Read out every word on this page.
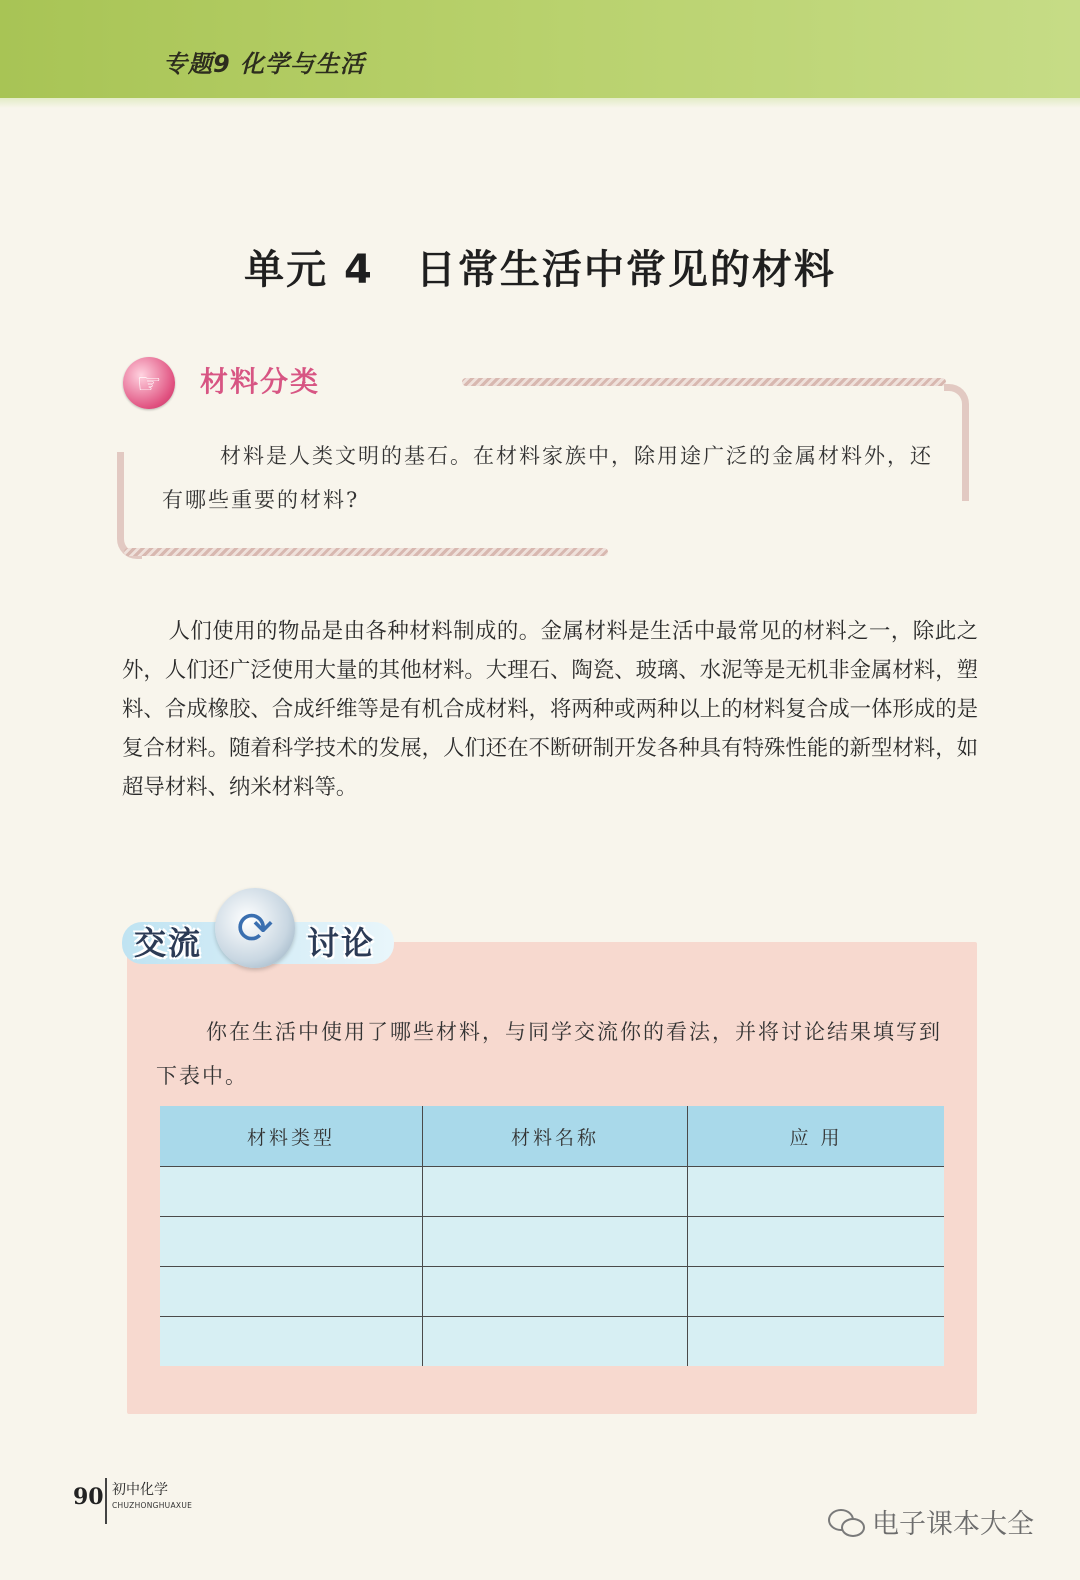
专题9 化学与生活
单元 4　日常生活中常见的材料
☞ 材料分类
材料是人类文明的基石。在材料家族中，除用途广泛的金属材料外，还有哪些重要的材料?
人们使用的物品是由各种材料制成的。金属材料是生活中最常见的材料之一，除此之外，人们还广泛使用大量的其他材料。大理石、陶瓷、玻璃、水泥等是无机非金属材料，塑料、合成橡胶、合成纤维等是有机合成材料，将两种或两种以上的材料复合成一体形成的是复合材料。随着科学技术的发展，人们还在不断研制开发各种具有特殊性能的新型材料，如超导材料、纳米材料等。
交流 ⟳ 讨论
你在生活中使用了哪些材料，与同学交流你的看法，并将讨论结果填写到下表中。
材料类型	材料名称	应 用

90 初中化学
CHUZHONGHUAXUE
电子课本大全
